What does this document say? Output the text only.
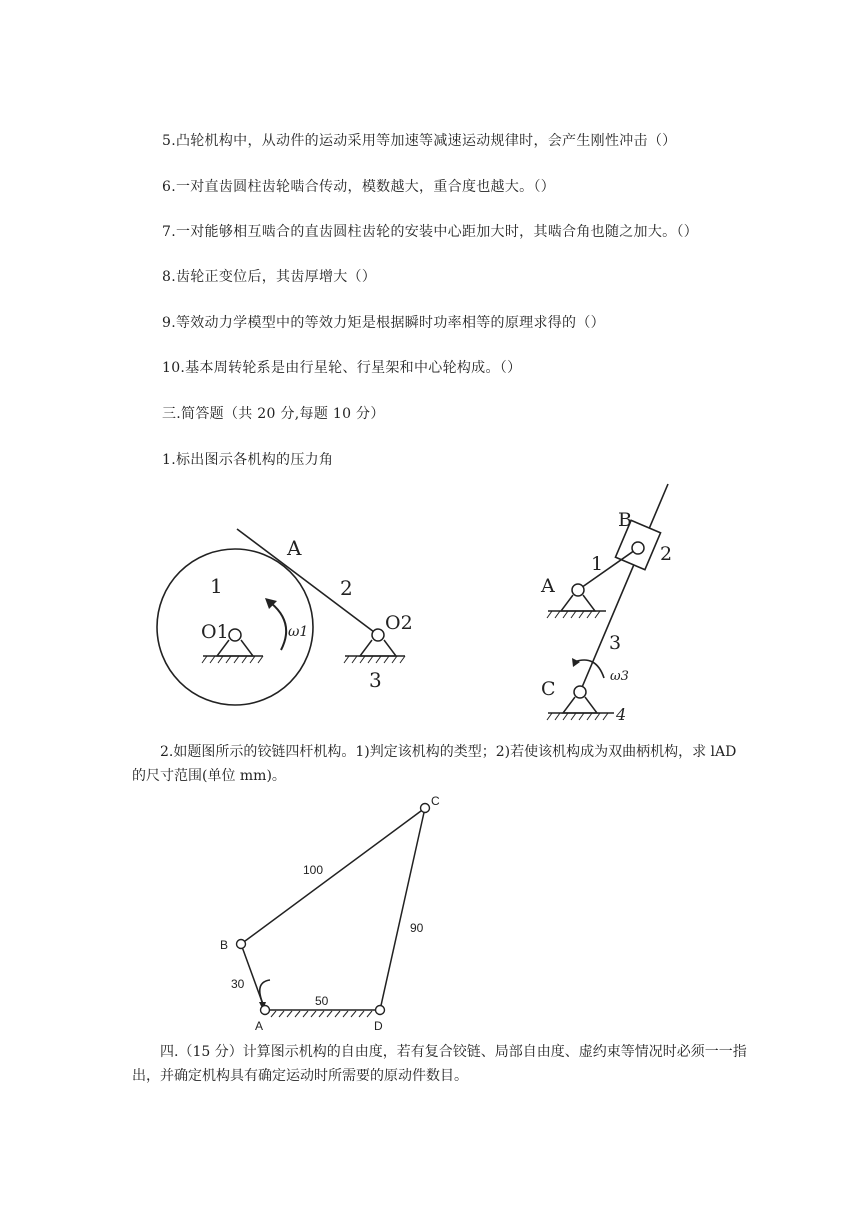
5.凸轮机构中，从动件的运动采用等加速等减速运动规律时，会产生刚性冲击（）
6.一对直齿圆柱齿轮啮合传动，模数越大，重合度也越大。（）
7.一对能够相互啮合的直齿圆柱齿轮的安装中心距加大时，其啮合角也随之加大。（）
8.齿轮正变位后，其齿厚增大（）
9.等效动力学模型中的等效力矩是根据瞬时功率相等的原理求得的（）
10.基本周转轮系是由行星轮、行星架和中心轮构成。（）
三.简答题（共 20 分,每题 10 分）
1.标出图示各机构的压力角
A
1	2
O1	O2
ω1
3
B
2
1
A
3
ω3
C
4
2.如题图所示的铰链四杆机构。1)判定该机构的类型；2)若使该机构成为双曲柄机构，求 lAD 的尺寸范围(单位 mm)。
C
100
90
B
30
50
A	D
四.（15 分）计算图示机构的自由度，若有复合铰链、局部自由度、虚约束等情况时必须一一指出，并确定机构具有确定运动时所需要的原动件数目。
